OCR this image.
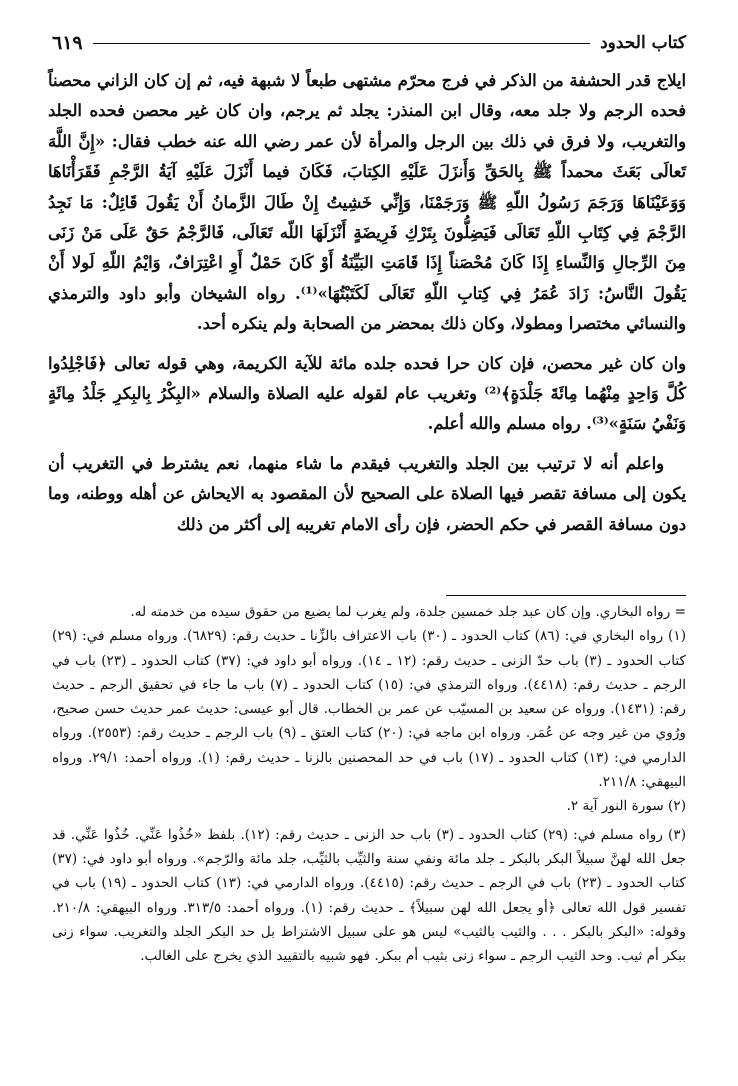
كتاب الحدود
٦١٩

ايلاج قدر الحشفة من الذكر في فرج محرّم مشتهى طبعاً لا شبهة فيه، ثم إن كان الزاني محصناً فحده الرجم ولا جلد معه، وقال ابن المنذر: يجلد ثم يرجم، وان كان غير محصن فحده الجلد والتغريب، ولا فرق في ذلك بين الرجل والمرأة لأن عمر رضي الله عنه خطب فقال: «إِنَّ اللَّهَ تَعالَى بَعَثَ محمداً ﷺ بِالحَقِّ وَأَنزَلَ عَلَيْهِ الكِتابَ، فَكَانَ فيما أَنْزَلَ عَلَيْهِ آيَةُ الرَّجْمِ فَقَرَأْنَاهَا وَوَعَيْنَاهَا وَرَجَمَ رَسُولُ اللّهِ ﷺ وَرَجَمْنَا، وَإِنِّي خَشِيتُ إِنْ طَالَ الزَّمانُ أَنْ يَقُولَ قَائِلٌ: مَا نَجِدُ الرَّجْمَ فِي كِتَابِ اللّهِ تَعَالَى فَيَضِلُّونَ بِتَرْكِ فَرِيضَةٍ أَنْزَلَهَا اللّه تَعَالَى، فَالرَّجْمُ حَقٌ عَلَى مَنْ زَنَى مِنَ الرِّجالِ وَالنِّساءِ إِذَا كَانَ مُحْصَناً إِذَا قَامَتِ البَيِّنَةُ أَوْ كَانَ حَمْلٌ أَوِ اعْتِرَافٌ، وَايْمُ اللّهِ لَولا أَنْ يَقُولَ النَّاسُ: زَادَ عُمَرُ فِي كِتابِ اللّهِ تَعَالَى لَكَتَبْتُهَا»⁽¹⁾. رواه الشيخان وأبو داود والترمذي والنسائي مختصرا ومطولا، وكان ذلك بمحضر من الصحابة ولم ينكره أحد.

وان كان غير محصن، فإن كان حرا فحده جلده مائة للآية الكريمة، وهي قوله تعالى ﴿فَاجْلِدُوا كُلَّ وَاحِدٍ مِنْهُما مِائَةَ جَلْدَةٍ﴾⁽²⁾ وتغريب عام لقوله عليه الصلاة والسلام «البِكْرُ بِالبِكرِ جَلْدُ مِائَةٍ وَنَفْيُ سَنَةٍ»⁽³⁾. رواه مسلم والله أعلم.

واعلم أنه لا ترتيب بين الجلد والتغريب فيقدم ما شاء منهما، نعم يشترط في التغريب أن يكون إلى مسافة تقصر فيها الصلاة على الصحيح لأن المقصود به الايحاش عن أهله ووطنه، وما دون مسافة القصر في حكم الحضر، فإن رأى الامام تغريبه إلى أكثر من ذلك

= رواه البخاري. وإن كان عبد جلد خمسين جلدة، ولم يغرب لما يضيع من حقوق سيده من خدمته له.

(١) رواه البخاري في: (٨٦) كتاب الحدود ـ (٣٠) باب الاعتراف بالزِّنا ـ حديث رقم: (٦٨٢٩). ورواه مسلم في: (٢٩) كتاب الحدود ـ (٣) باب حدّ الزنى ـ حديث رقم: (١٢ ـ ١٤). ورواه أبو داود في: (٣٧) كتاب الحدود ـ (٢٣) باب في الرجم ـ حديث رقم: (٤٤١٨). ورواه الترمذي في: (١٥) كتاب الحدود ـ (٧) باب ما جاء في تحقيق الرجم ـ حديث رقم: (١٤٣١). ورواه عن سعيد بن المسيّب عن عمر بن الخطاب. قال أبو عيسى: حديث عمر حديث حسن صحيح، ورُوي من غير وجه عن عُمَر. ورواه ابن ماجه في: (٢٠) كتاب العتق ـ (٩) باب الرجم ـ حديث رقم: (٢٥٥٣). ورواه الدارمي في: (١٣) كتاب الحدود ـ (١٧) باب في حد المحصنين بالزنا ـ حديث رقم: (١). ورواه أحمد: ٢٩/١. ورواه البيهقي: ٢١١/٨.

(٢) سورة النور آية ٢.

(٣) رواه مسلم في: (٢٩) كتاب الحدود ـ (٣) باب حد الزنى ـ حديث رقم: (١٢). بلفظ «خُذُوا عَنِّي. خُذُوا عَنِّي. قد جعل الله لهنَّ سبيلاً البكر بالبكر ـ جلد مائة ونفي سنة والثيِّب بالثيِّب، جلد مائة والرّجم». ورواه أبو داود في: (٣٧) كتاب الحدود ـ (٢٣) باب في الرجم ـ حديث رقم: (٤٤١٥). ورواه الدارمي في: (١٣) كتاب الحدود ـ (١٩) باب في تفسير قول الله تعالى ﴿أو يجعل الله لهن سبيلاً﴾ ـ حديث رقم: (١). ورواه أحمد: ٣١٣/٥. ورواه البيهقي: ٢١٠/٨. وقوله: «البكر بالبكر . . . والثيب بالثيب» ليس هو على سبيل الاشتراط بل حد البكر الجلد والتغريب. سواء زنى ببكر أم ثيب. وحد الثيب الرجم ـ سواء زنى بثيب أم ببكر. فهو شبيه بالتقييد الذي يخرج على الغالب.
